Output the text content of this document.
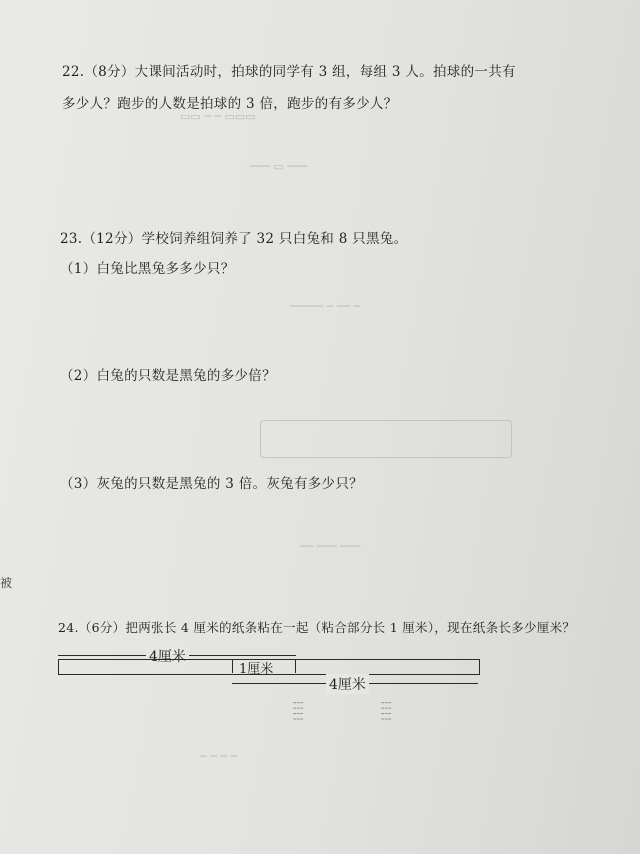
▭▭ ─ ─ ▭▭▭
─── ▭ ───
───── ─ ── ─
── ─── ───
─ ─ ─ ─
22.（8分）大课间活动时，拍球的同学有 3 组，每组 3 人。拍球的一共有
多少人？跑步的人数是拍球的 3 倍，跑步的有多少人？
23.（12分）学校饲养组饲养了 32 只白兔和 8 只黑兔。
（1）白兔比黑兔多多少只？
（2）白兔的只数是黑兔的多少倍？
（3）灰兔的只数是黑兔的 3 倍。灰兔有多少只？
被
24.（6分）把两张长 4 厘米的纸条粘在一起（粘合部分长 1 厘米），现在纸条长多少厘米？
4厘米
1厘米
4厘米
┆┆┆┆	┆┆┆┆
